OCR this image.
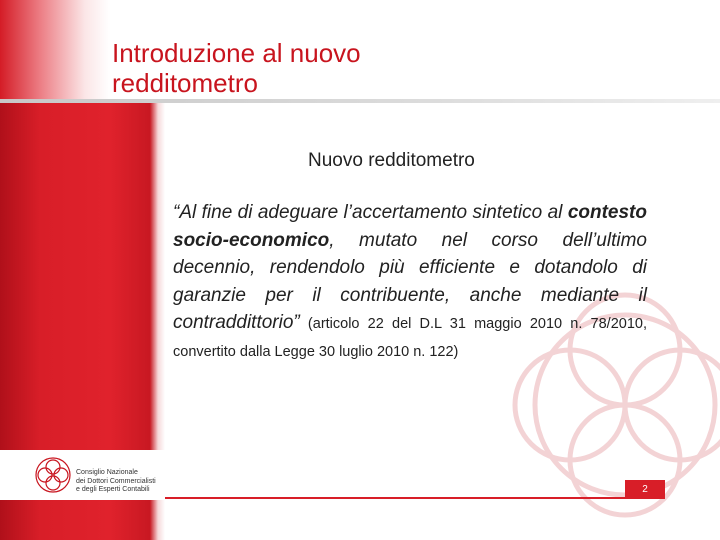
Introduzione al nuovo
redditometro
Nuovo redditometro

“Al fine di adeguare l’accertamento sintetico al contesto socio-economico, mutato nel corso dell’ultimo decennio, rendendolo più efficiente e dotandolo di garanzie per il contribuente, anche mediante il contraddittorio” (articolo 22 del D.L 31 maggio 2010 n. 78/2010, convertito dalla Legge 30 luglio 2010 n. 122)

Consiglio Nazionale
dei Dottori Commercialisti
e degli Esperti Contabili	2
